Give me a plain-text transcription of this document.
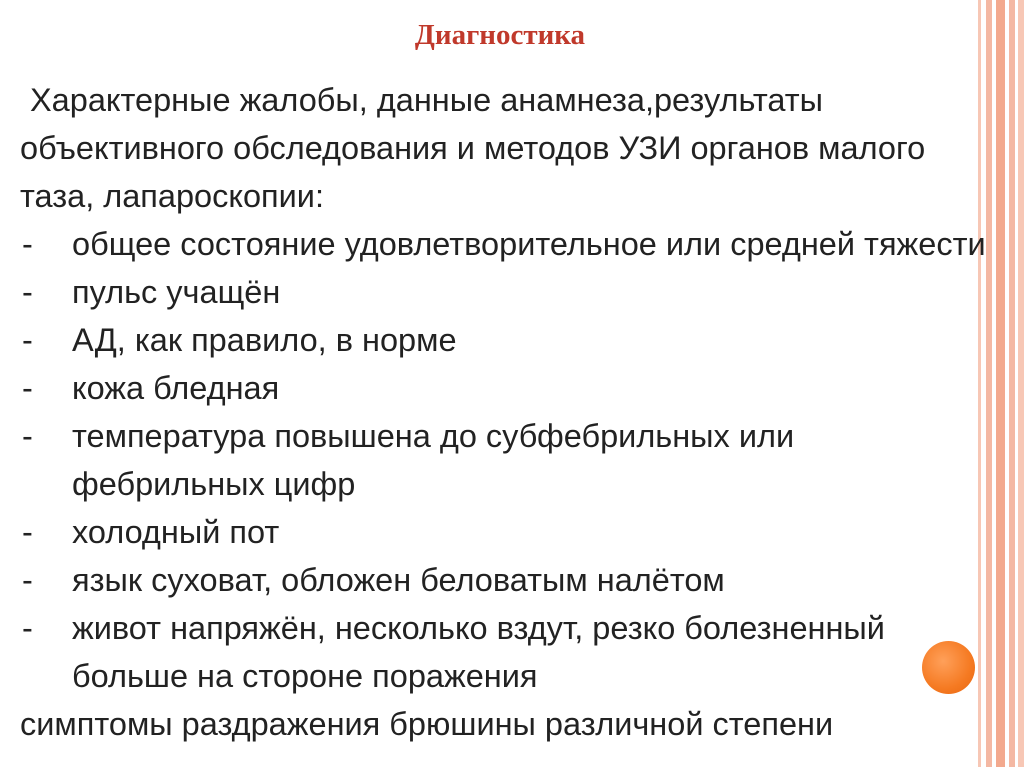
Диагностика

Характерные жалобы, данные анамнеза,результаты объективного обследования и методов УЗИ органов малого таза, лапароскопии:

- общее состояние удовлетворительное или средней тяжести
- пульс учащён
- АД, как правило, в норме
- кожа бледная
- температура повышена до субфебрильных или фебрильных цифр
- холодный пот
- язык суховат, обложен беловатым налётом
- живот напряжён, несколько вздут, резко болезненный больше на стороне поражения

симптомы раздражения брюшины различной степени
